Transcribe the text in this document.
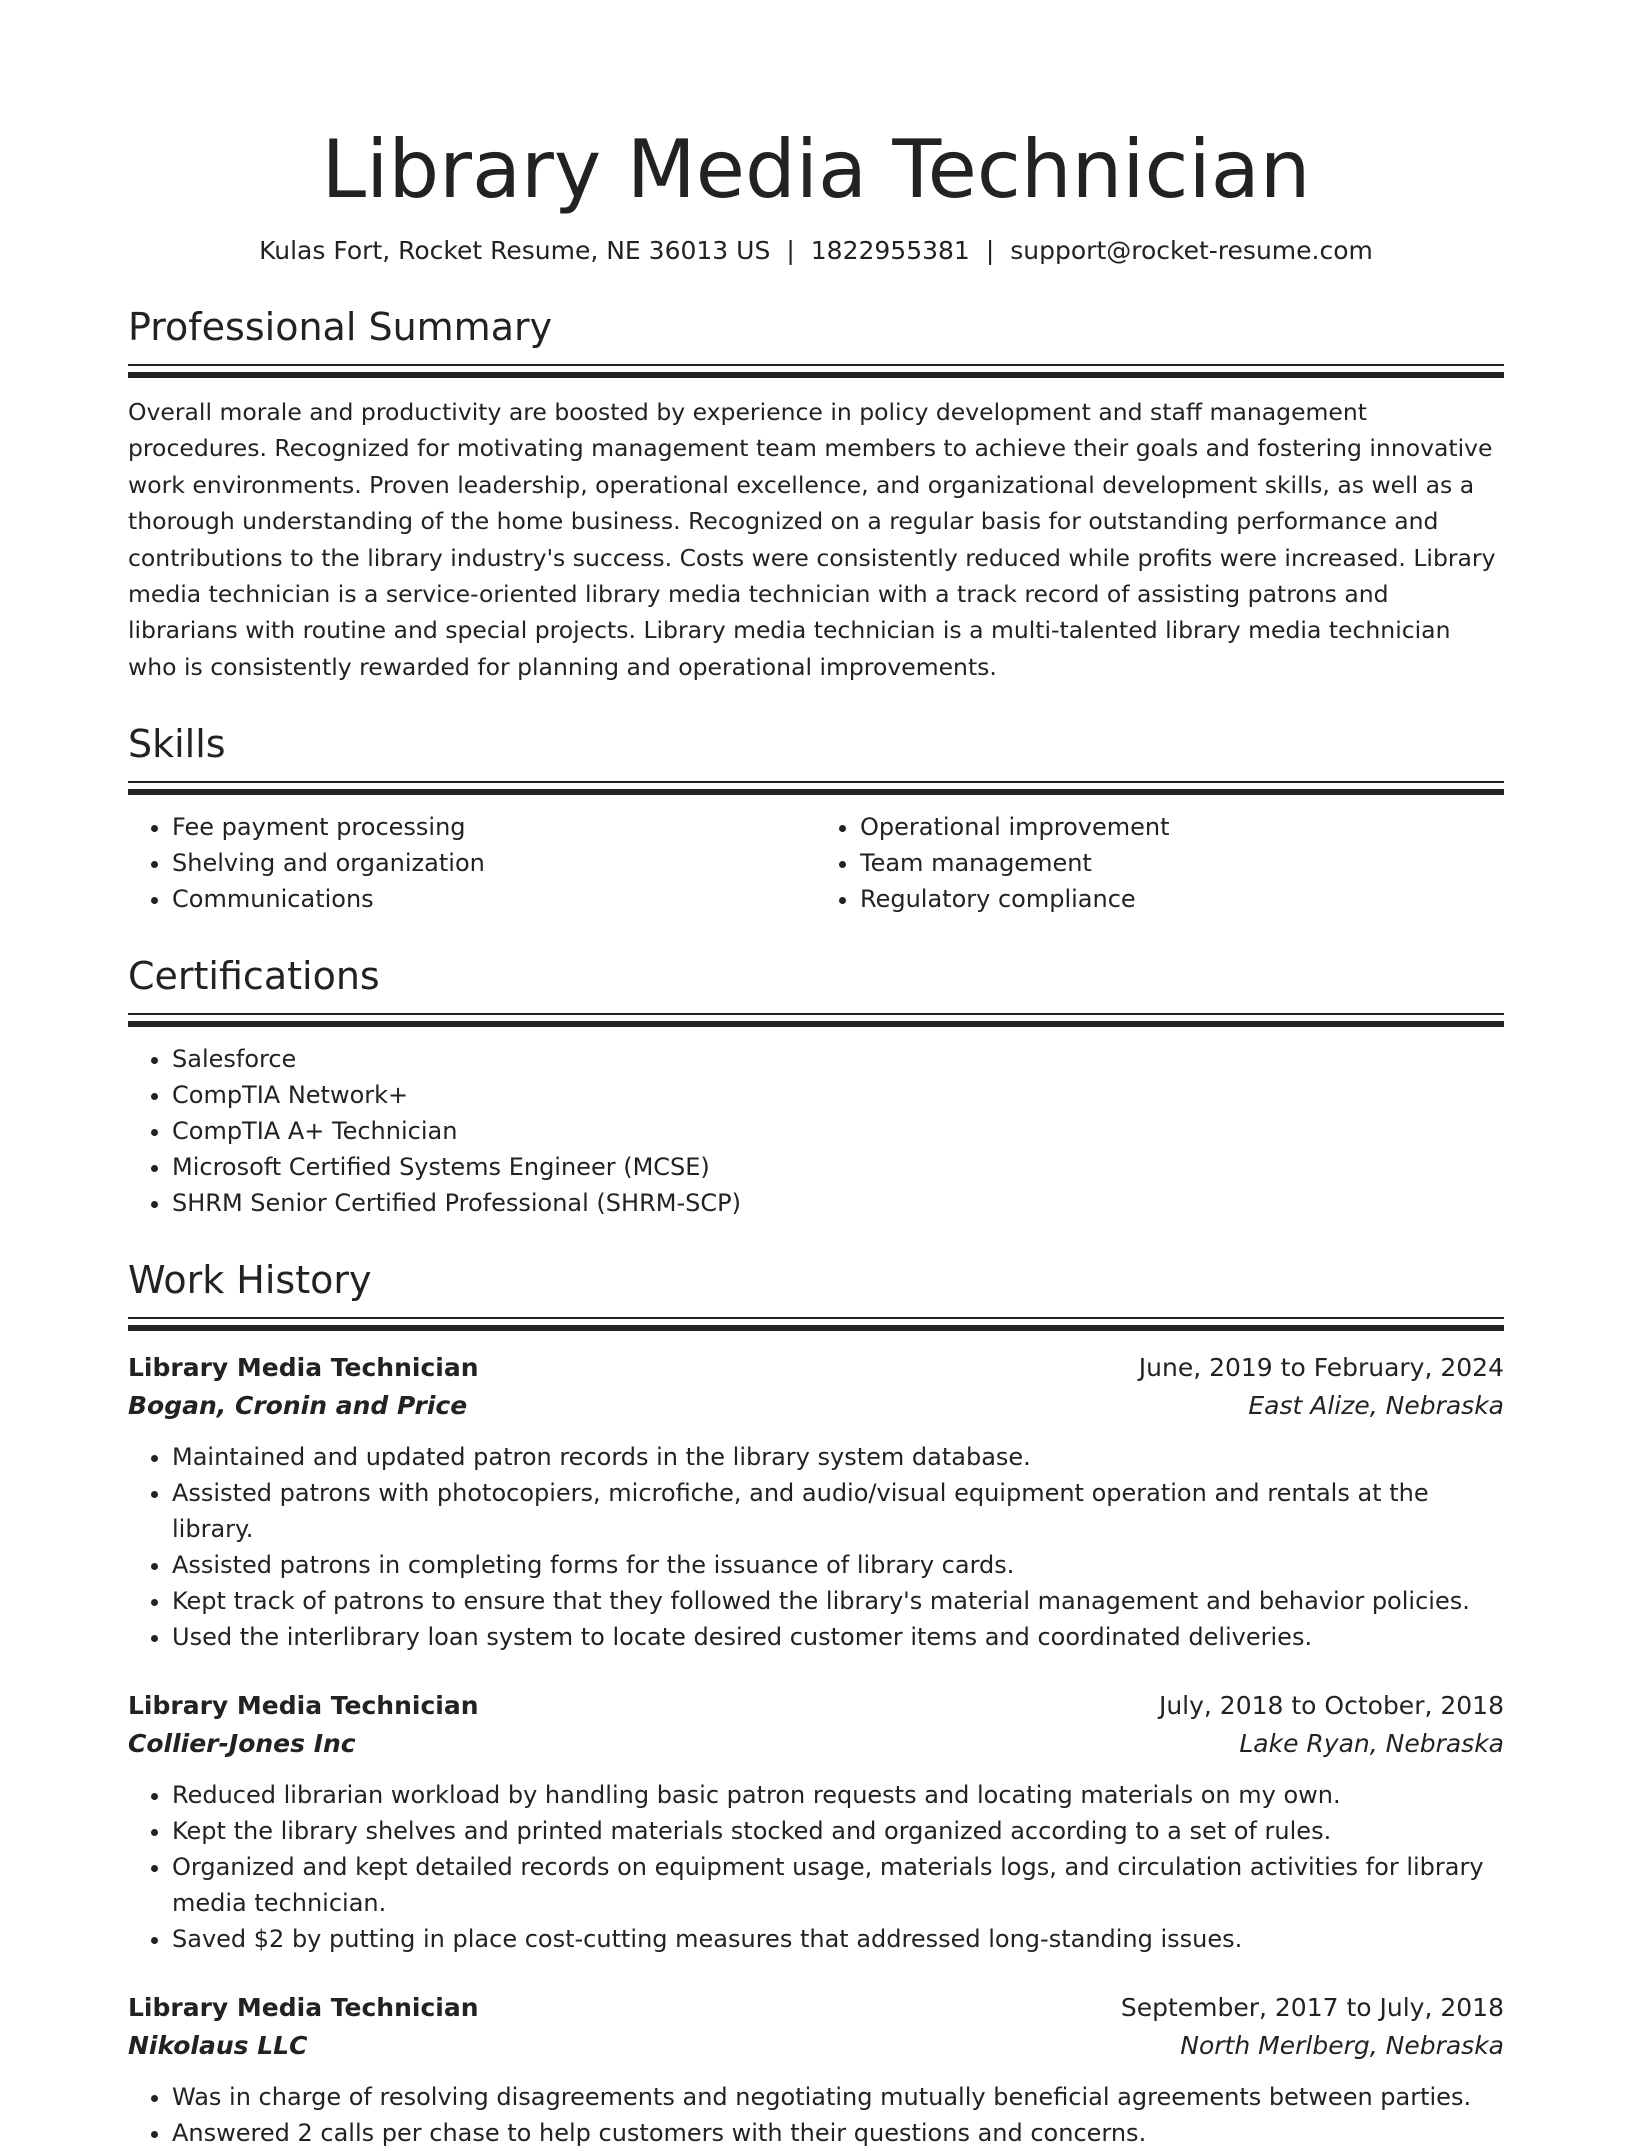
Library Media Technician
Kulas Fort, Rocket Resume, NE 36013 US | 1822955381 | support@rocket-resume.com
Professional Summary
Overall morale and productivity are boosted by experience in policy development and staff management procedures. Recognized for motivating management team members to achieve their goals and fostering innovative work environments. Proven leadership, operational excellence, and organizational development skills, as well as a thorough understanding of the home business. Recognized on a regular basis for outstanding performance and contributions to the library industry's success. Costs were consistently reduced while profits were increased. Library media technician is a service-oriented library media technician with a track record of assisting patrons and librarians with routine and special projects. Library media technician is a multi-talented library media technician who is consistently rewarded for planning and operational improvements.
Skills
• Fee payment processing
• Shelving and organization
• Communications
• Operational improvement
• Team management
• Regulatory compliance
Certifications
• Salesforce
• CompTIA Network+
• CompTIA A+ Technician
• Microsoft Certified Systems Engineer (MCSE)
• SHRM Senior Certified Professional (SHRM-SCP)
Work History
Library Media Technician	June, 2019 to February, 2024
Bogan, Cronin and Price	East Alize, Nebraska
• Maintained and updated patron records in the library system database.
• Assisted patrons with photocopiers, microfiche, and audio/visual equipment operation and rentals at the library.
• Assisted patrons in completing forms for the issuance of library cards.
• Kept track of patrons to ensure that they followed the library's material management and behavior policies.
• Used the interlibrary loan system to locate desired customer items and coordinated deliveries.
Library Media Technician	July, 2018 to October, 2018
Collier-Jones Inc	Lake Ryan, Nebraska
• Reduced librarian workload by handling basic patron requests and locating materials on my own.
• Kept the library shelves and printed materials stocked and organized according to a set of rules.
• Organized and kept detailed records on equipment usage, materials logs, and circulation activities for library media technician.
• Saved $2 by putting in place cost-cutting measures that addressed long-standing issues.
Library Media Technician	September, 2017 to July, 2018
Nikolaus LLC	North Merlberg, Nebraska
• Was in charge of resolving disagreements and negotiating mutually beneficial agreements between parties.
• Answered 2 calls per chase to help customers with their questions and concerns.
